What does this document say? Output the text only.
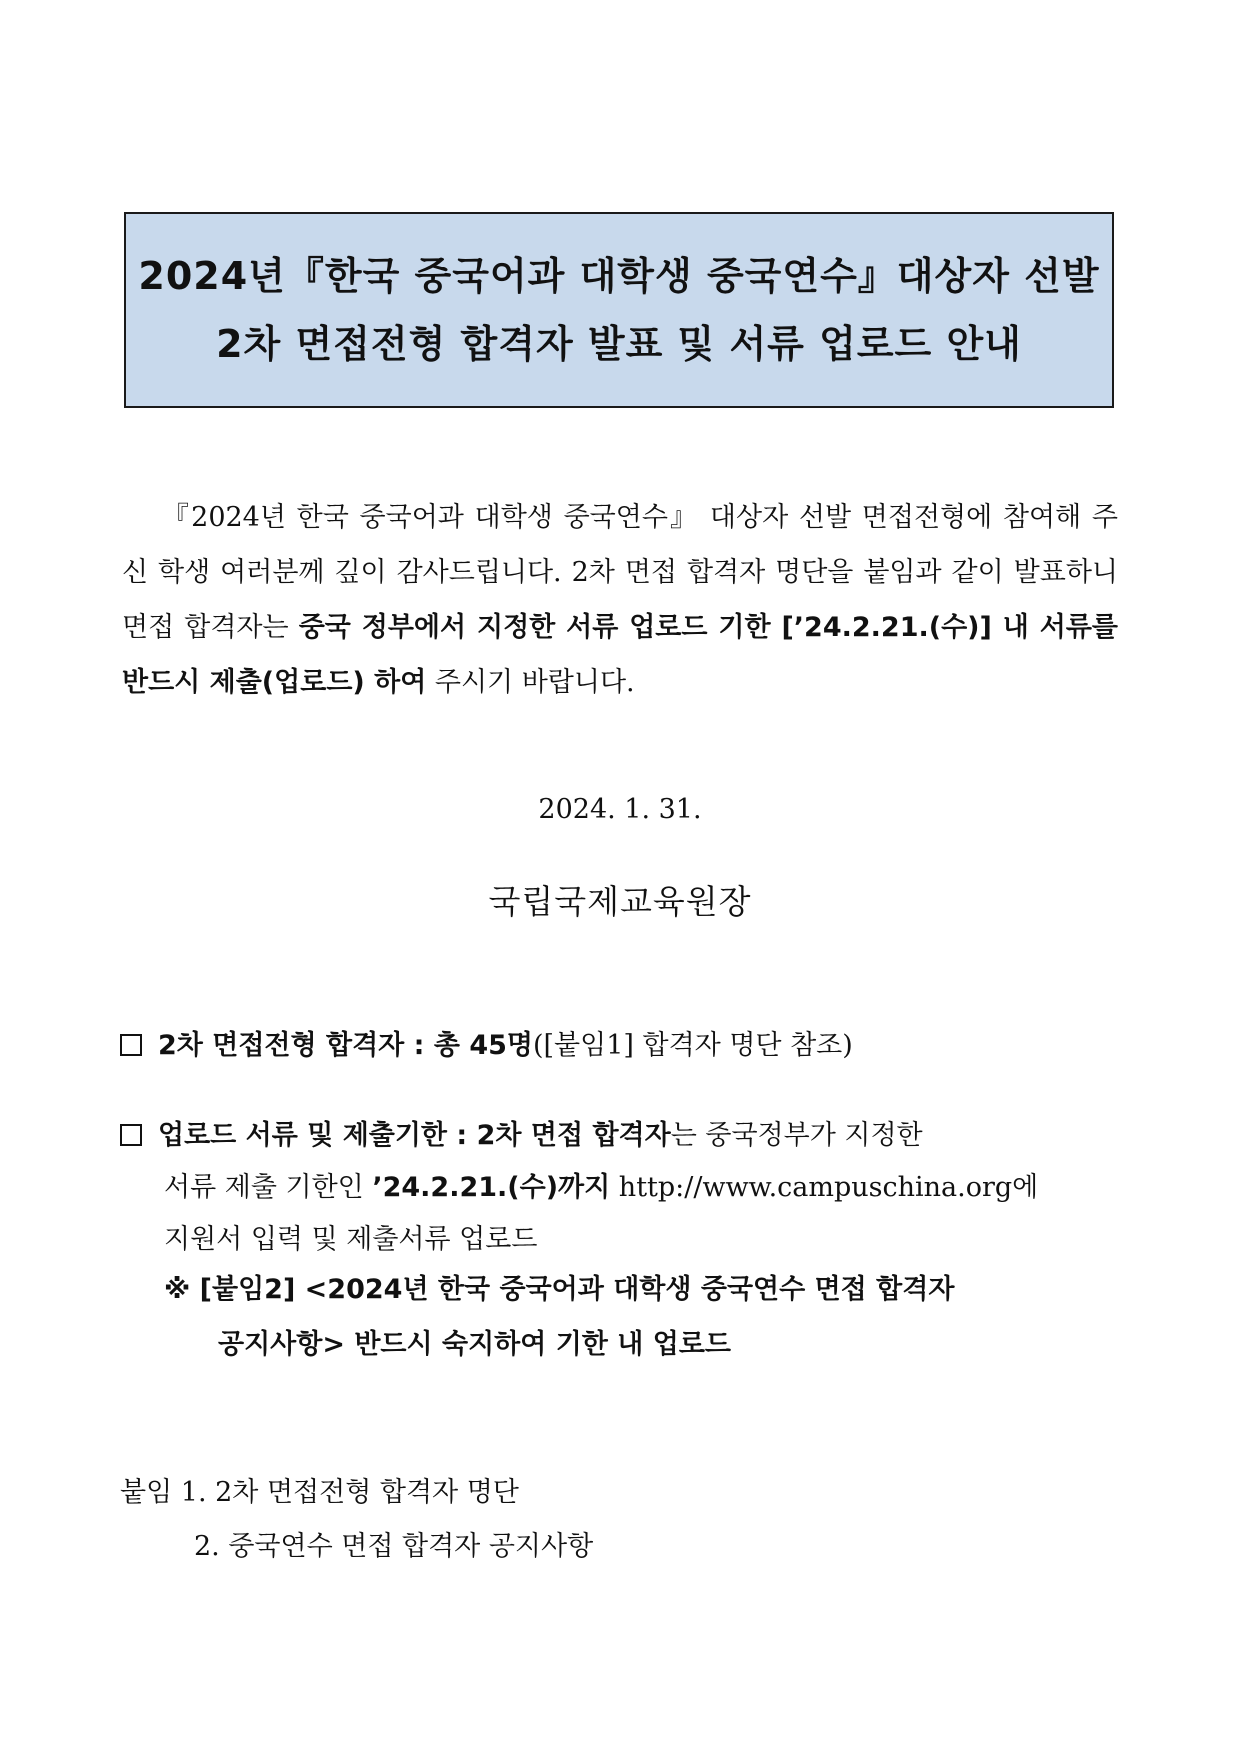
2024년『한국 중국어과 대학생 중국연수』대상자 선발
2차 면접전형 합격자 발표 및 서류 업로드 안내
『2024년 한국 중국어과 대학생 중국연수』 대상자 선발 면접전형에 참여해 주신 학생 여러분께 깊이 감사드립니다. 2차 면접 합격자 명단을 붙임과 같이 발표하니 면접 합격자는 중국 정부에서 지정한 서류 업로드 기한 [’24.2.21.(수)] 내 서류를 반드시 제출(업로드) 하여 주시기 바랍니다.
2024. 1. 31.
국립국제교육원장
2차 면접전형 합격자 : 총 45명([붙임1] 합격자 명단 참조)
업로드 서류 및 제출기한 : 2차 면접 합격자는 중국정부가 지정한
서류 제출 기한인 ’24.2.21.(수)까지 http://www.campuschina.org에
지원서 입력 및 제출서류 업로드
※ [붙임2] <2024년 한국 중국어과 대학생 중국연수 면접 합격자
공지사항> 반드시 숙지하여 기한 내 업로드
붙임 1. 2차 면접전형 합격자 명단
2. 중국연수 면접 합격자 공지사항
